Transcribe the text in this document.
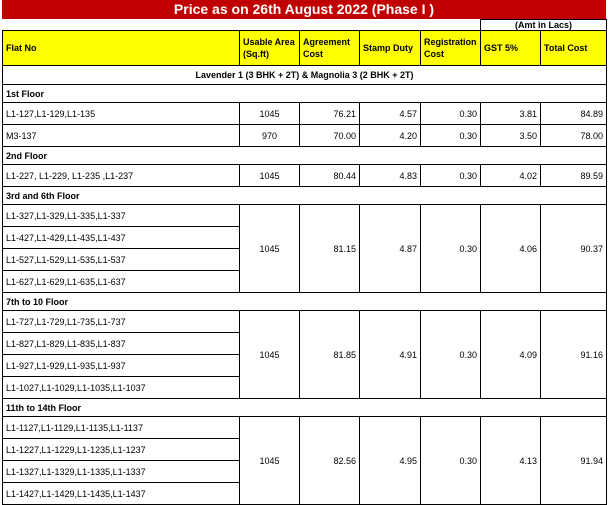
Price as on 26th August 2022 (Phase I )
					(Amt in Lacs)	
Flat No	Usable Area (Sq.ft)	Agreement Cost	Stamp Duty	Registration Cost	GST 5%	Total Cost
Lavender 1 (3 BHK + 2T) & Magnolia 3 (2 BHK + 2T)						
1st Floor						
L1-127,L1-129,L1-135	1045	76.21	4.57	0.30	3.81	84.89
M3-137	970	70.00	4.20	0.30	3.50	78.00
2nd Floor						
L1-227, L1-229, L1-235 ,L1-237	1045	80.44	4.83	0.30	4.02	89.59
3rd and 6th Floor						
L1-327,L1-329,L1-335,L1-337	1045	81.15	4.87	0.30	4.06	90.37
L1-427,L1-429,L1-435,L1-437						
L1-527,L1-529,L1-535,L1-537						
L1-627,L1-629,L1-635,L1-637						
7th to 10 Floor						
L1-727,L1-729,L1-735,L1-737	1045	81.85	4.91	0.30	4.09	91.16
L1-827,L1-829,L1-835,L1-837						
L1-927,L1-929,L1-935,L1-937						
L1-1027,L1-1029,L1-1035,L1-1037						
11th to 14th Floor						
L1-1127,L1-1129,L1-1135,L1-1137	1045	82.56	4.95	0.30	4.13	91.94
L1-1227,L1-1229,L1-1235,L1-1237						
L1-1327,L1-1329,L1-1335,L1-1337						
L1-1427,L1-1429,L1-1435,L1-1437						
